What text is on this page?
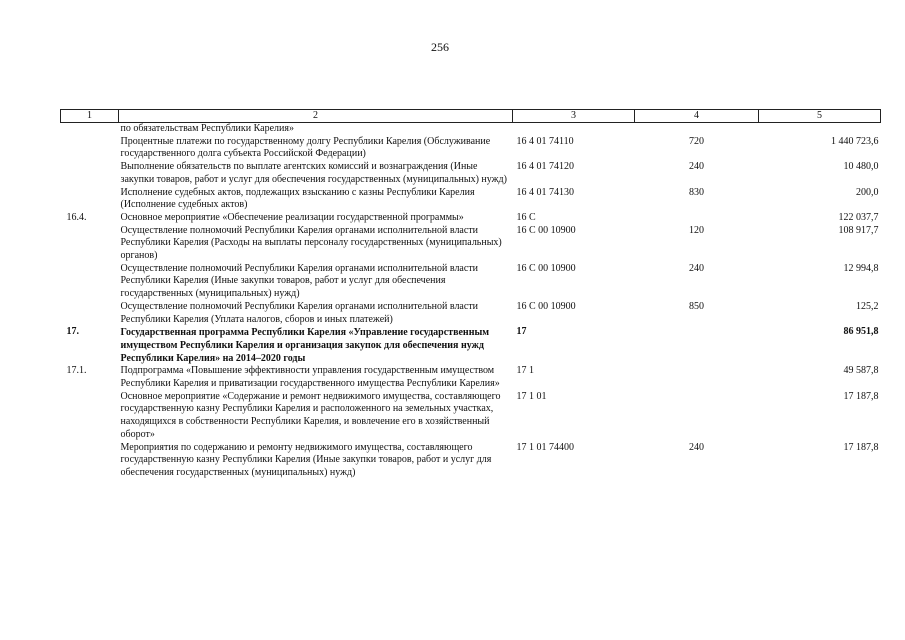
256
1	2	3	4	5
	по обязательствам Республики Карелия»			
	Процентные платежи по государственному долгу Республики Карелия (Обслуживание государственного долга субъекта Российской Федерации)	16 4 01 74110	720	1 440 723,6
	Выполнение обязательств по выплате агентских комиссий и вознаграждения (Иные закупки товаров, работ и услуг для обеспечения государственных (муниципальных) нужд)	16 4 01 74120	240	10 480,0
	Исполнение судебных актов, подлежащих взысканию с казны Республики Карелия (Исполнение судебных актов)	16 4 01 74130	830	200,0
16.4.	Основное мероприятие «Обеспечение реализации государственной программы»	16 С		122 037,7
	Осуществление полномочий Республики Карелия органами исполнительной власти Республики Карелия (Расходы на выплаты персоналу государственных (муниципальных) органов)	16 С 00 10900	120	108 917,7
	Осуществление полномочий Республики Карелия органами исполнительной власти Республики Карелия (Иные закупки товаров, работ и услуг для обеспечения государственных (муниципальных) нужд)	16 С 00 10900	240	12 994,8
	Осуществление полномочий Республики Карелия органами исполнительной власти Республики Карелия (Уплата налогов, сборов и иных платежей)	16 С 00 10900	850	125,2
17.	Государственная программа Республики Карелия «Управление государственным имуществом Республики Карелия и организация закупок для обеспечения нужд Республики Карелия» на 2014–2020 годы	17		86 951,8
17.1.	Подпрограмма «Повышение эффективности управления государственным имуществом Республики Карелия и приватизации государственного имущества Республики Карелия»	17 1		49 587,8
	Основное мероприятие «Содержание и ремонт недвижимого имущества, составляющего государственную казну Республики Карелия и расположенного на земельных участках, находящихся в собственности Республики Карелия, и вовлечение его в хозяйственный оборот»	17 1 01		17 187,8
	Мероприятия по содержанию и ремонту недвижимого имущества, составляющего государственную казну Республики Карелия (Иные закупки товаров, работ и услуг для обеспечения государственных (муниципальных) нужд)	17 1 01 74400	240	17 187,8
